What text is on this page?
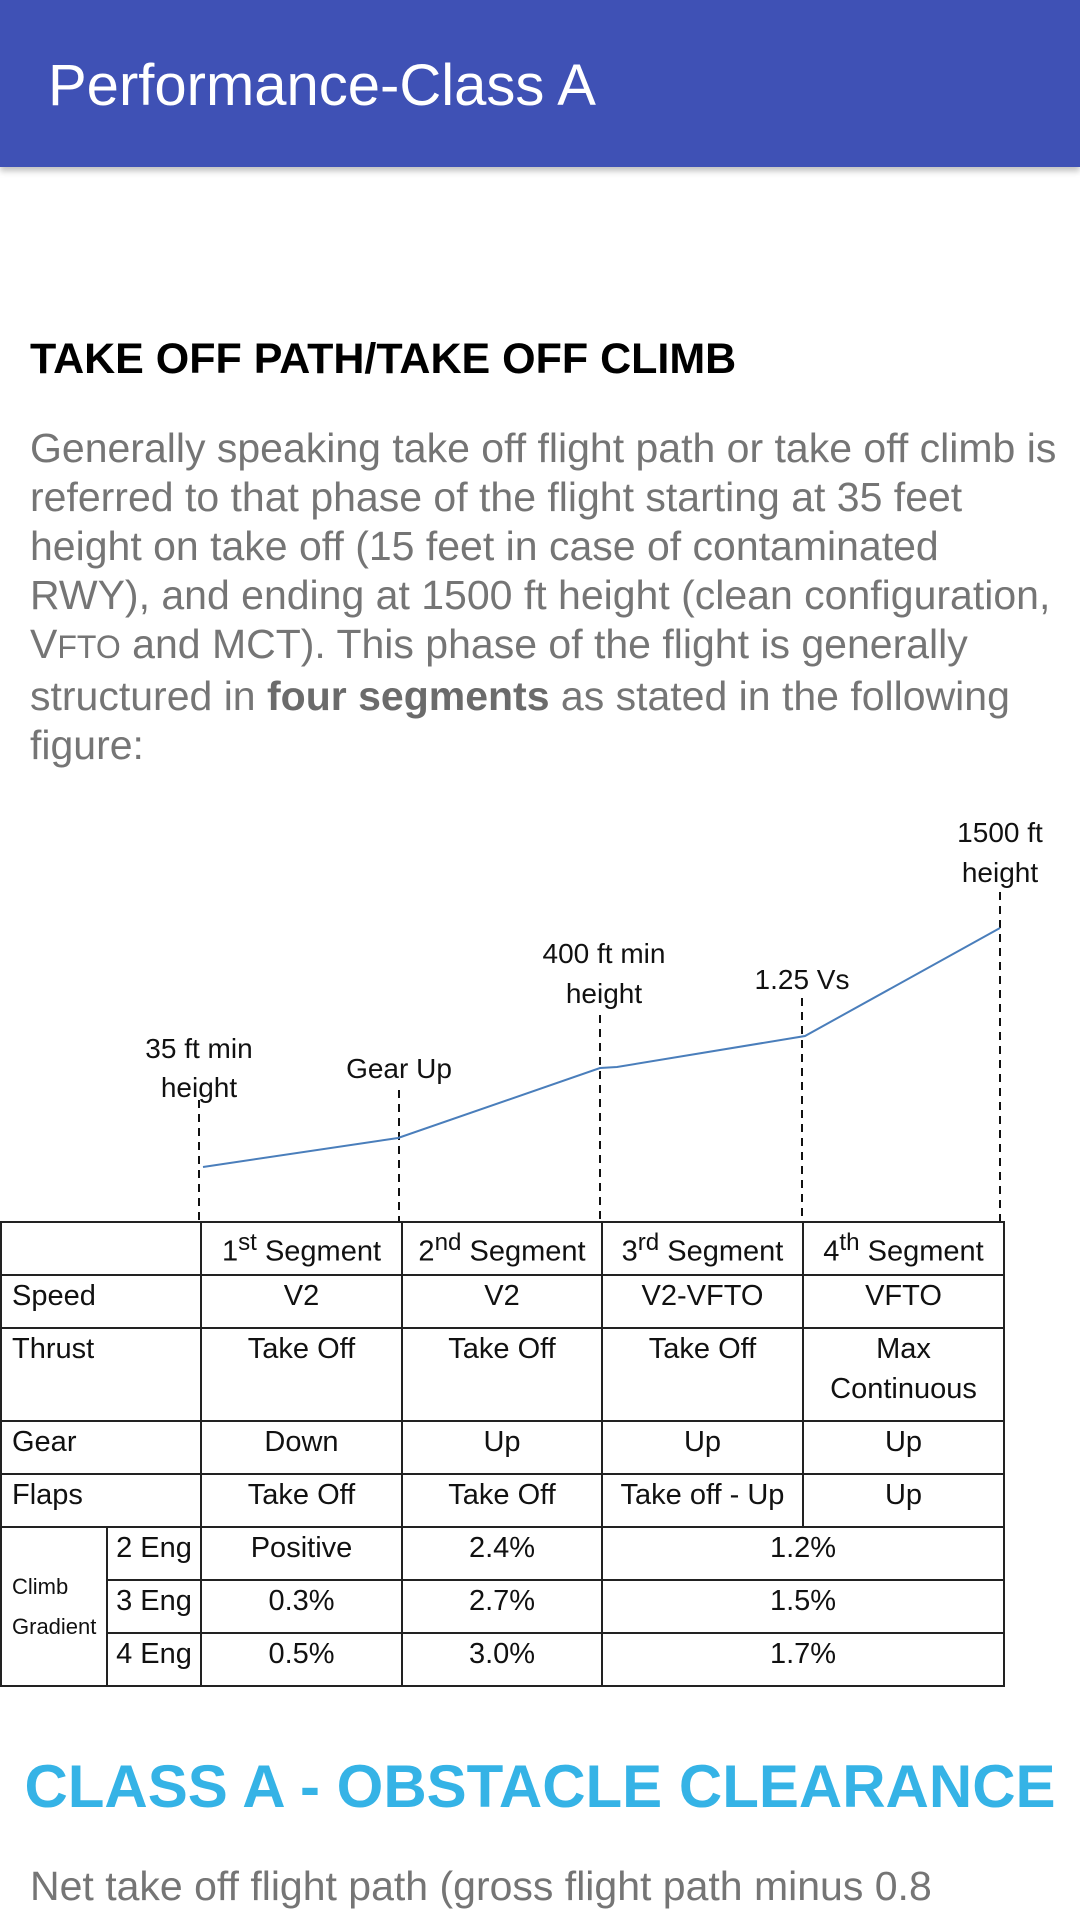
Performance-Class A
TAKE OFF PATH/TAKE OFF CLIMB

Generally speaking take off flight path or take off climb is referred to that phase of the flight starting at 35 feet height on take off (15 feet in case of contaminated RWY), and ending at 1500 ft height (clean configuration, VFTO and MCT). This phase of the flight is generally structured in four segments as stated in the following figure:

35 ft min
height
Gear Up
400 ft min
height	1.25 Vs
1500 ft
height
		1st Segment	2nd Segment	3rd Segment	4th Segment
Speed		V2	V2	V2-VFTO	VFTO
Thrust		Take Off	Take Off	Take Off	Max
Continuous

Gear		Down	Up	Up	Up
Flaps		Take Off	Take Off	Take off - Up	Up

Climb
Gradient	2 Eng	Positive	2.4%	1.2%	
	3 Eng	0.3%	2.7%	1.5%	
	4 Eng	0.5%	3.0%	1.7%	
CLASS A - OBSTACLE CLEARANCE
Net take off flight path (gross flight path minus 0.8
